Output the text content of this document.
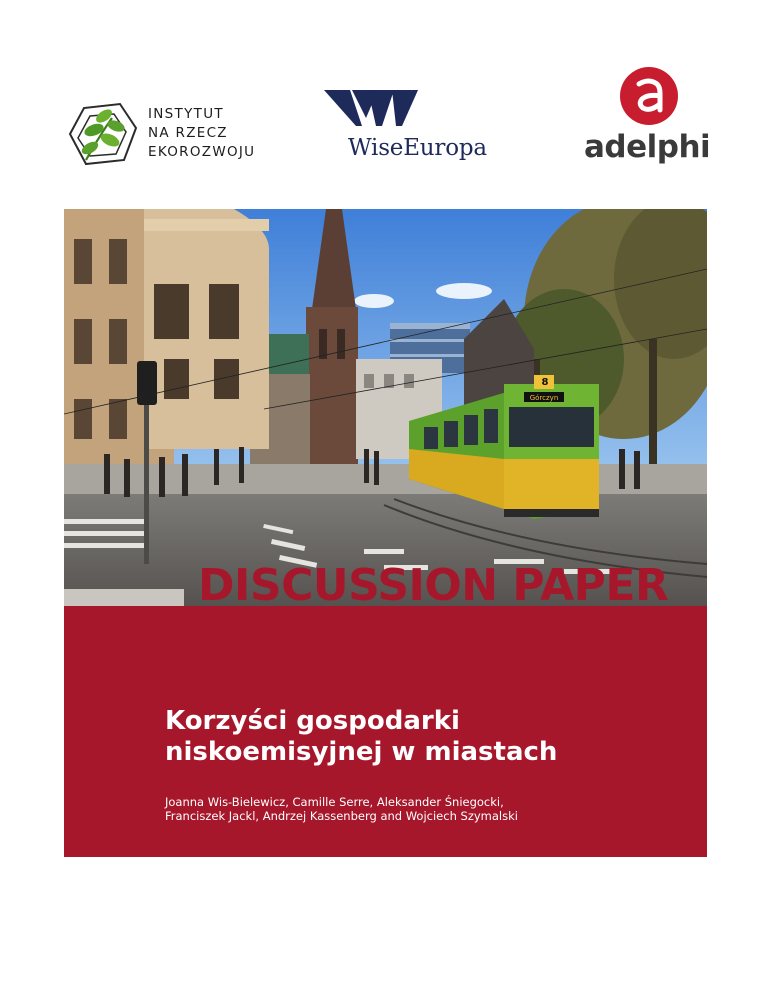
INSTYTUT
NA RZECZ
EKOROZWOJU	WiseEuropa	adelphi
8
Górczyn
DISCUSSION PAPER
Korzyści gospodarki
niskoemisyjnej w miastach
Joanna Wis-Bielewicz, Camille Serre, Aleksander Śniegocki,
Franciszek Jackl, Andrzej Kassenberg and Wojciech Szymalski
